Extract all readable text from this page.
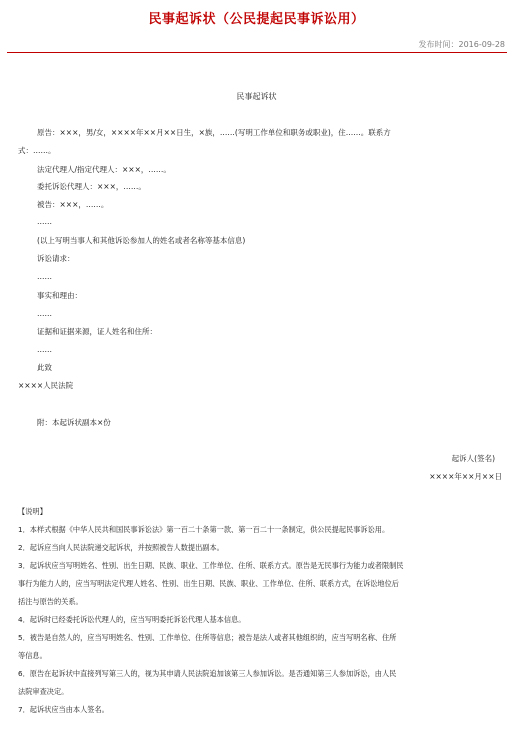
民事起诉状（公民提起民事诉讼用）
发布时间：2016-09-28
民事起诉状
原告：×××，男/女，××××年××月××日生，×族，……(写明工作单位和职务或职业)，住……。联系方
式：……。
法定代理人/指定代理人：×××，……。
委托诉讼代理人：×××，……。
被告：×××，……。
……
(以上写明当事人和其他诉讼参加人的姓名或者名称等基本信息)
诉讼请求：
……
事实和理由：
……
证据和证据来源，证人姓名和住所：
……
此致
××××人民法院
附：本起诉状副本×份
起诉人(签名)
××××年××月××日
【说明】
1．本样式根据《中华人民共和国民事诉讼法》第一百二十条第一款、第一百二十一条制定，供公民提起民事诉讼用。
2．起诉应当向人民法院递交起诉状，并按照被告人数提出副本。
3．起诉状应当写明姓名、性别、出生日期、民族、职业、工作单位、住所、联系方式。原告是无民事行为能力或者限制民
事行为能力人的，应当写明法定代理人姓名、性别、出生日期、民族、职业、工作单位、住所、联系方式，在诉讼地位后
括注与原告的关系。
4．起诉时已经委托诉讼代理人的，应当写明委托诉讼代理人基本信息。
5．被告是自然人的，应当写明姓名、性别、工作单位、住所等信息；被告是法人或者其他组织的，应当写明名称、住所
等信息。
6．原告在起诉状中直接列写第三人的，视为其申请人民法院追加该第三人参加诉讼。是否通知第三人参加诉讼，由人民
法院审查决定。
7．起诉状应当由本人签名。
